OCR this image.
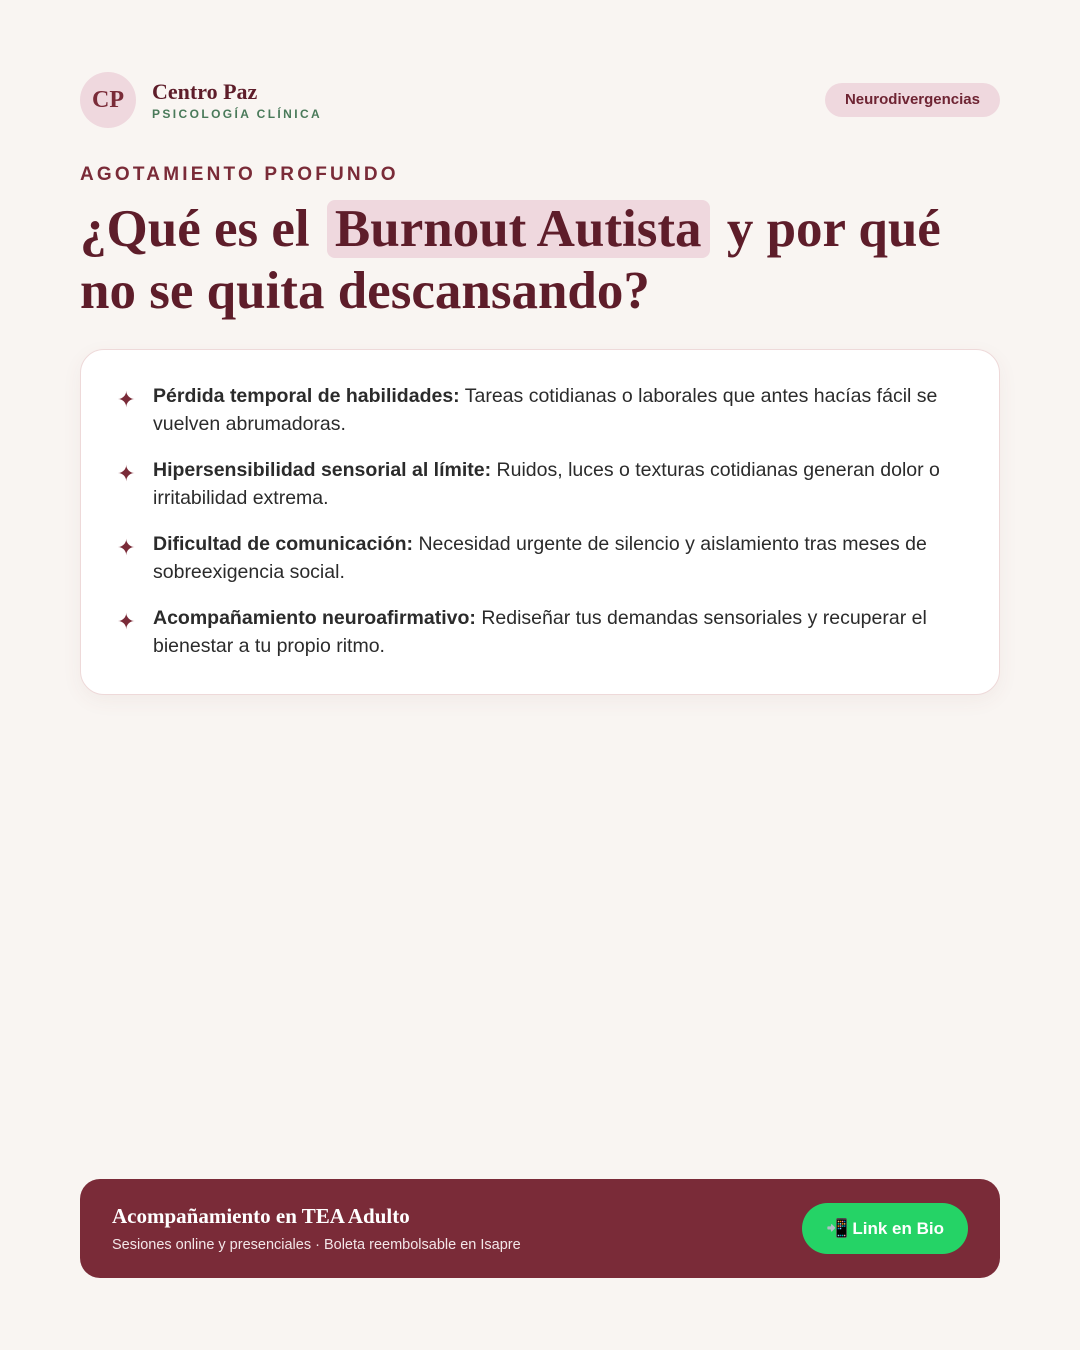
CP	Centro Paz
PSICOLOGÍA CLÍNICA
Neurodivergencias
AGOTAMIENTO PROFUNDO
¿Qué es el Burnout Autista y por qué no se quita descansando?
✦ Pérdida temporal de habilidades: Tareas cotidianas o laborales que antes hacías fácil se vuelven abrumadoras.

✦ Hipersensibilidad sensorial al límite: Ruidos, luces o texturas cotidianas generan dolor o irritabilidad extrema.

✦ Dificultad de comunicación: Necesidad urgente de silencio y aislamiento tras meses de sobreexigencia social.

✦ Acompañamiento neuroafirmativo: Rediseñar tus demandas sensoriales y recuperar el bienestar a tu propio ritmo.

Acompañamiento en TEA Adulto
Sesiones online y presenciales · Boleta reembolsable en Isapre
📲 Link en Bio
